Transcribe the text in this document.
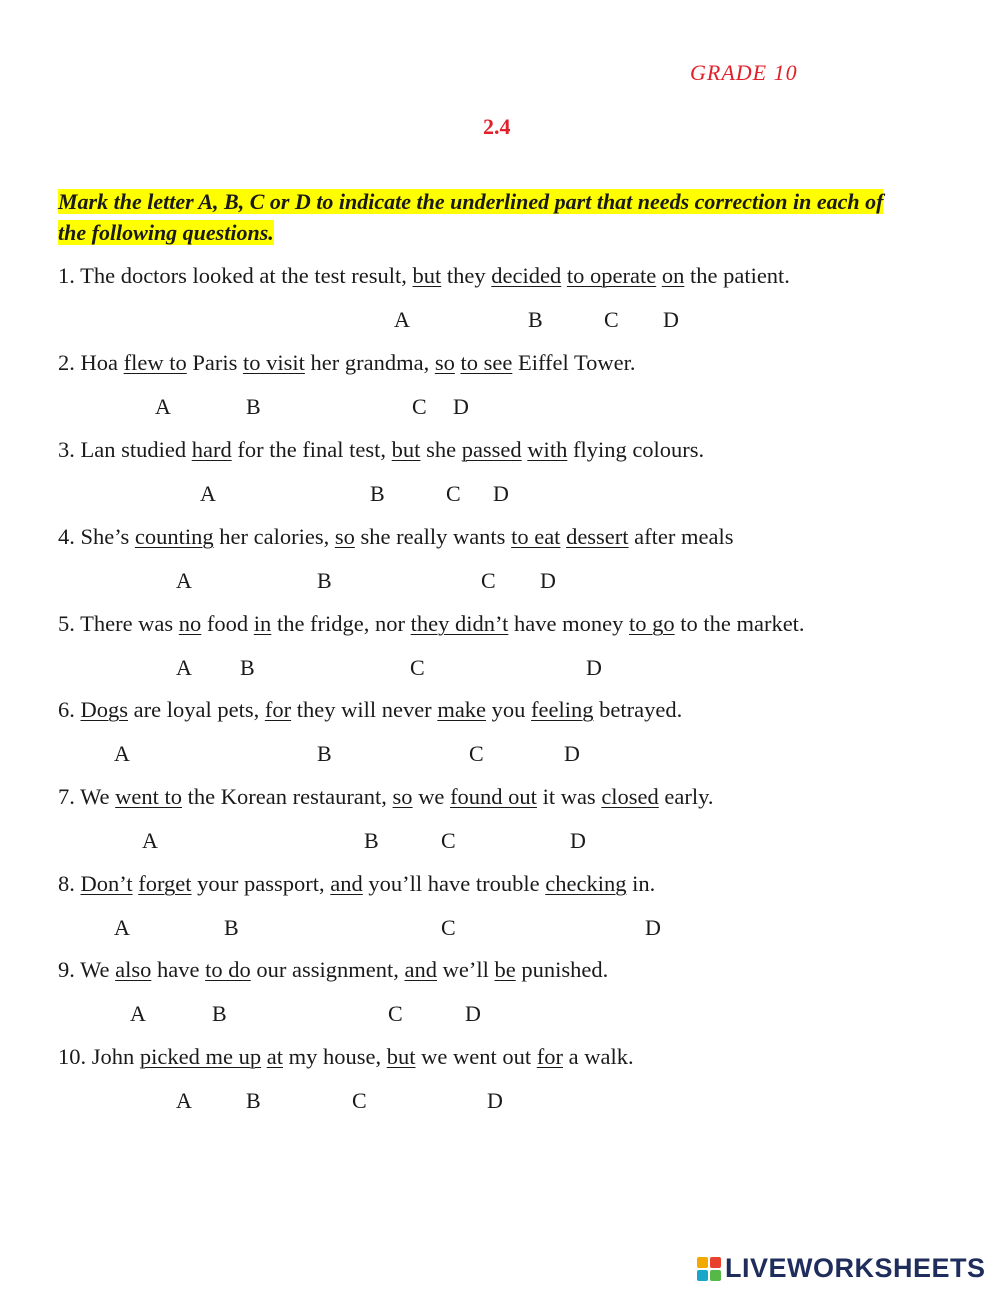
GRADE 10
2.4
Mark the letter A, B, C or D to indicate the underlined part that needs correction in each of the following questions.
1. The doctors looked at the test result, but they decided to operate on the patient.
A	B	C D
2. Hoa flew to Paris to visit her grandma, so to see Eiffel Tower.
A	B	C D
3. Lan studied hard for the final test, but she passed with flying colours.
A	B	C D
4. She’s counting her calories, so she really wants to eat dessert after meals
A	B	C D
5. There was no food in the fridge, nor they didn’t have money to go to the market.
A B	C	D
6. Dogs are loyal pets, for they will never make you feeling betrayed.
A	B	C	D
7. We went to the Korean restaurant, so we found out it was closed early.
A	B	C	D
8. Don’t forget your passport, and you’ll have trouble checking in.
A	B	C	D
9. We also have to do our assignment, and we’ll be punished.
A	B	C	D
10. John picked me up at my house, but we went out for a walk.
A B	C	D
LIVEWORKSHEETS
